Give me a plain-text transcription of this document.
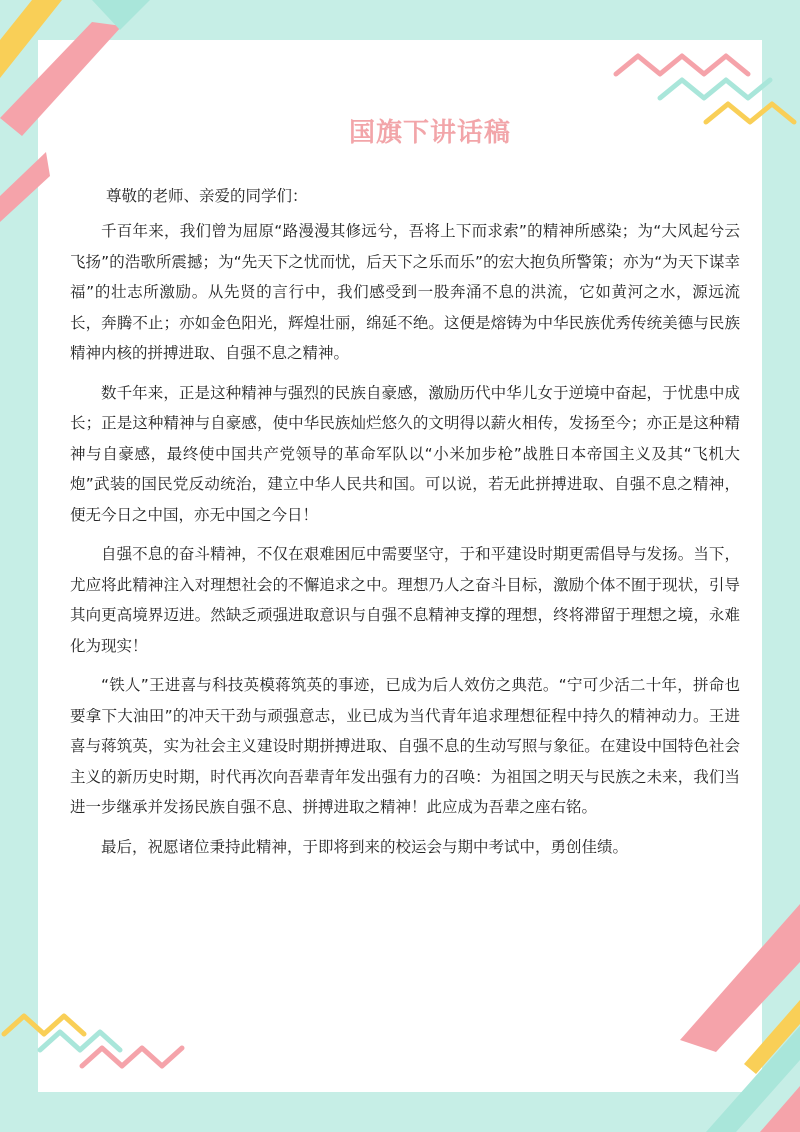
国旗下讲话稿
尊敬的老师、亲爱的同学们：

千百年来，我们曾为屈原“路漫漫其修远兮，吾将上下而求索”的精神所感染；为“大风起兮云飞扬”的浩歌所震撼；为“先天下之忧而忧，后天下之乐而乐”的宏大抱负所警策；亦为“为天下谋幸福”的壮志所激励。从先贤的言行中，我们感受到一股奔涌不息的洪流，它如黄河之水，源远流长，奔腾不止；亦如金色阳光，辉煌壮丽，绵延不绝。这便是熔铸为中华民族优秀传统美德与民族精神内核的拼搏进取、自强不息之精神。

数千年来，正是这种精神与强烈的民族自豪感，激励历代中华儿女于逆境中奋起，于忧患中成长；正是这种精神与自豪感，使中华民族灿烂悠久的文明得以薪火相传，发扬至今；亦正是这种精神与自豪感，最终使中国共产党领导的革命军队以“小米加步枪”战胜日本帝国主义及其“飞机大炮”武装的国民党反动统治，建立中华人民共和国。可以说，若无此拼搏进取、自强不息之精神，便无今日之中国，亦无中国之今日！

自强不息的奋斗精神，不仅在艰难困厄中需要坚守，于和平建设时期更需倡导与发扬。当下，尤应将此精神注入对理想社会的不懈追求之中。理想乃人之奋斗目标，激励个体不囿于现状，引导其向更高境界迈进。然缺乏顽强进取意识与自强不息精神支撑的理想，终将滞留于理想之境，永难化为现实！

“铁人”王进喜与科技英模蒋筑英的事迹，已成为后人效仿之典范。“宁可少活二十年，拼命也要拿下大油田”的冲天干劲与顽强意志，业已成为当代青年追求理想征程中持久的精神动力。王进喜与蒋筑英，实为社会主义建设时期拼搏进取、自强不息的生动写照与象征。在建设中国特色社会主义的新历史时期，时代再次向吾辈青年发出强有力的召唤：为祖国之明天与民族之未来，我们当进一步继承并发扬民族自强不息、拼搏进取之精神！此应成为吾辈之座右铭。

最后，祝愿诸位秉持此精神，于即将到来的校运会与期中考试中，勇创佳绩。
